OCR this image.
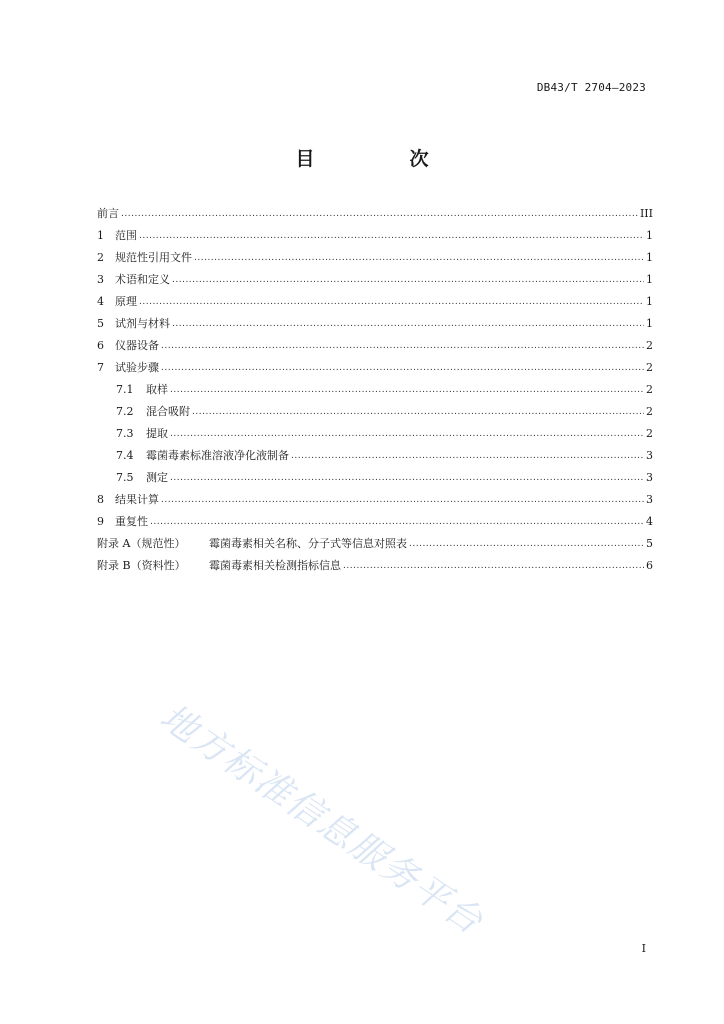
DB43/T 2704—2023
目　次
前言 .....	III
1	范围 .....	1
2	规范性引用文件 .....	1
3	术语和定义 .....	1
4	原理 .....	1
5	试剂与材料 .....	1
6	仪器设备 .....	2
7	试验步骤 .....	2
7.1	取样 .....	2
7.2	混合吸附 .....	2
7.3	提取 .....	2
7.4	霉菌毒素标准溶液净化液制备 .....	3
7.5	测定 .....	3
8	结果计算 .....	3
9	重复性 .....	4
附录 A（规范性）	霉菌毒素相关名称、分子式等信息对照表 .....	5
附录 B（资料性）	霉菌毒素相关检测指标信息 .....	6
地方标准信息服务平台
I
